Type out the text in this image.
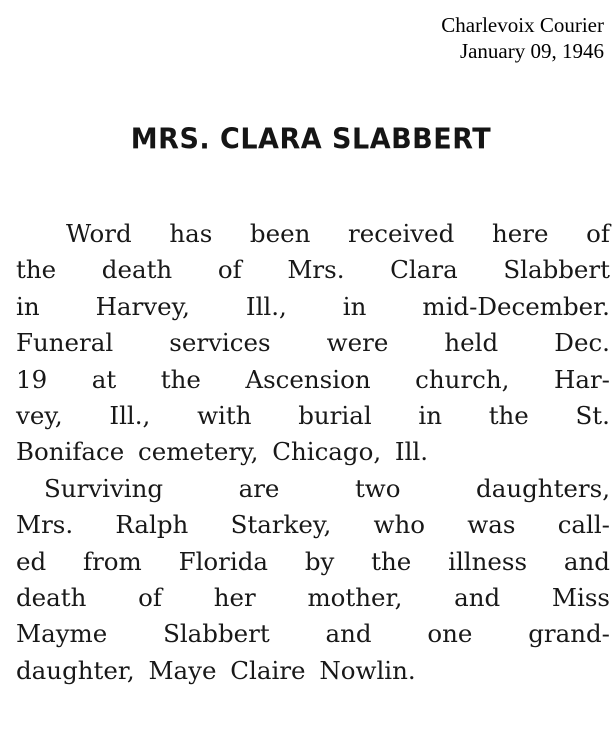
Charlevoix Courier
January 09, 1946
MRS. CLARA SLABBERT
Word has been received here of
the death of Mrs. Clara Slabbert
in Harvey, Ill., in mid-December.
Funeral services were held Dec.
19 at the Ascension church, Har-
vey, Ill., with burial in the St.
Boniface cemetery, Chicago, Ill.
Surviving	are	two	daughters,
Mrs. Ralph Starkey, who was call-
ed from Florida by the illness and
death of her mother, and Miss
Mayme Slabbert and one grand-
daughter, Maye Claire Nowlin.
